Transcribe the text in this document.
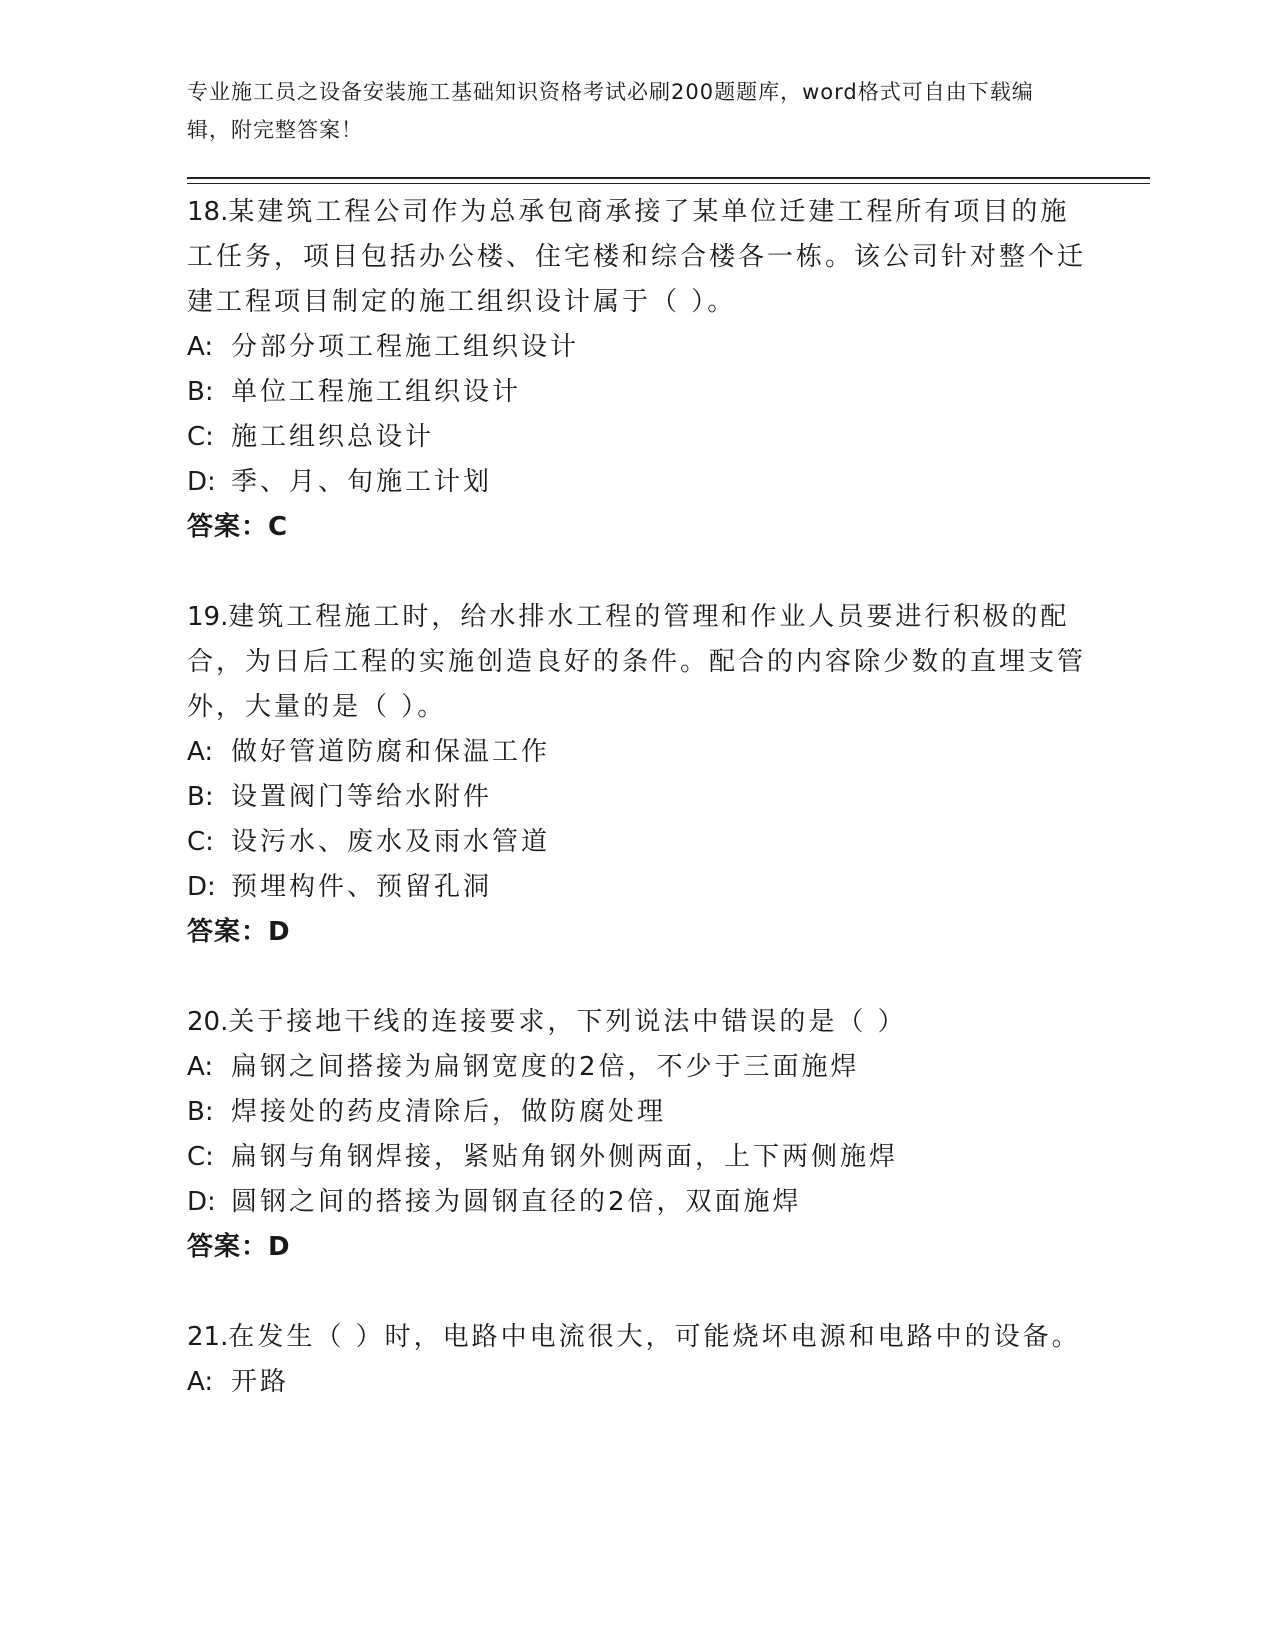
专业施工员之设备安装施工基础知识资格考试必刷200题题库，word格式可自由下载编辑，附完整答案！
18.某建筑工程公司作为总承包商承接了某单位迁建工程所有项目的施工任务，项目包括办公楼、住宅楼和综合楼各一栋。该公司针对整个迁建工程项目制定的施工组织设计属于（ ）。
A: 分部分项工程施工组织设计
B: 单位工程施工组织设计
C: 施工组织总设计
D: 季、月、旬施工计划
答案：C
19.建筑工程施工时，给水排水工程的管理和作业人员要进行积极的配合，为日后工程的实施创造良好的条件。配合的内容除少数的直埋支管外，大量的是（ ）。
A: 做好管道防腐和保温工作
B: 设置阀门等给水附件
C: 设污水、废水及雨水管道
D: 预埋构件、预留孔洞
答案：D
20.关于接地干线的连接要求，下列说法中错误的是（ ）
A: 扁钢之间搭接为扁钢宽度的2倍，不少于三面施焊
B: 焊接处的药皮清除后，做防腐处理
C: 扁钢与角钢焊接，紧贴角钢外侧两面，上下两侧施焊
D: 圆钢之间的搭接为圆钢直径的2倍，双面施焊
答案：D
21.在发生（ ）时，电路中电流很大，可能烧坏电源和电路中的设备。
A: 开路
